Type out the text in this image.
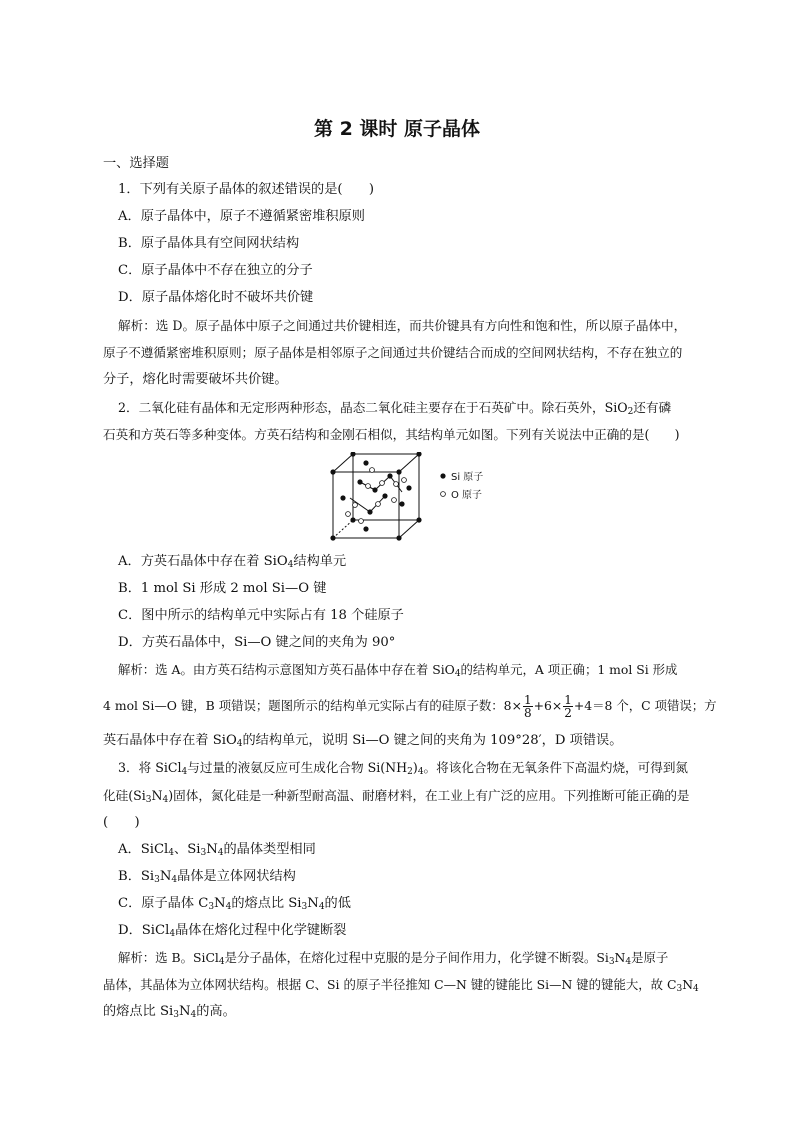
第 2 课时 原子晶体
一、选择题
1．下列有关原子晶体的叙述错误的是(　　)
A．原子晶体中，原子不遵循紧密堆积原则
B．原子晶体具有空间网状结构
C．原子晶体中不存在独立的分子
D．原子晶体熔化时不破坏共价键
解析：选 D。原子晶体中原子之间通过共价键相连，而共价键具有方向性和饱和性，所以原子晶体中，
原子不遵循紧密堆积原则；原子晶体是相邻原子之间通过共价键结合而成的空间网状结构，不存在独立的
分子，熔化时需要破坏共价键。
2．二氧化硅有晶体和无定形两种形态，晶态二氧化硅主要存在于石英矿中。除石英外，SiO$_2$还有磷
石英和方英石等多种变体。方英石结构和金刚石相似，其结构单元如图。下列有关说法中正确的是(　　)
Si 原子
O 原子
A．方英石晶体中存在着 SiO$_4$结构单元
B．1 mol Si 形成 2 mol Si—O 键
C．图中所示的结构单元中实际占有 18 个硅原子
D．方英石晶体中，Si—O 键之间的夹角为 90°
解析：选 A。由方英石结构示意图知方英石晶体中存在着 SiO$_4$的结构单元，A 项正确；1 mol Si 形成
4 mol Si—O 键，B 项错误；题图所示的结构单元实际占有的硅原子数：$8\times \frac{1}{8} +6\times \frac{1}{2} +4=8$ 个，C 项错误；方
英石晶体中存在着 SiO$_4$的结构单元，说明 Si—O 键之间的夹角为 109°28′，D 项错误。
3．将 SiCl$_4$与过量的液氨反应可生成化合物 $Si(NH_2)_4$。将该化合物在无氧条件下高温灼烧，可得到氮
化硅$(Si_3N_4)$固体，氮化硅是一种新型耐高温、耐磨材料，在工业上有广泛的应用。下列推断可能正确的是
(　　)
A．SiCl$_4$、$Si_3N_4$的晶体类型相同
B．$Si_3N_4$晶体是立体网状结构
C．原子晶体 $C_3N_4$的熔点比 $Si_3N_4$的低
D．SiCl$_4$晶体在熔化过程中化学键断裂
解析：选 B。SiCl$_4$是分子晶体，在熔化过程中克服的是分子间作用力，化学键不断裂。$Si_3N_4$是原子
晶体，其晶体为立体网状结构。根据 C、Si 的原子半径推知 C—N 键的键能比 Si—N 键的键能大，故 $C_3N_4$
的熔点比 $Si_3N_4$的高。
